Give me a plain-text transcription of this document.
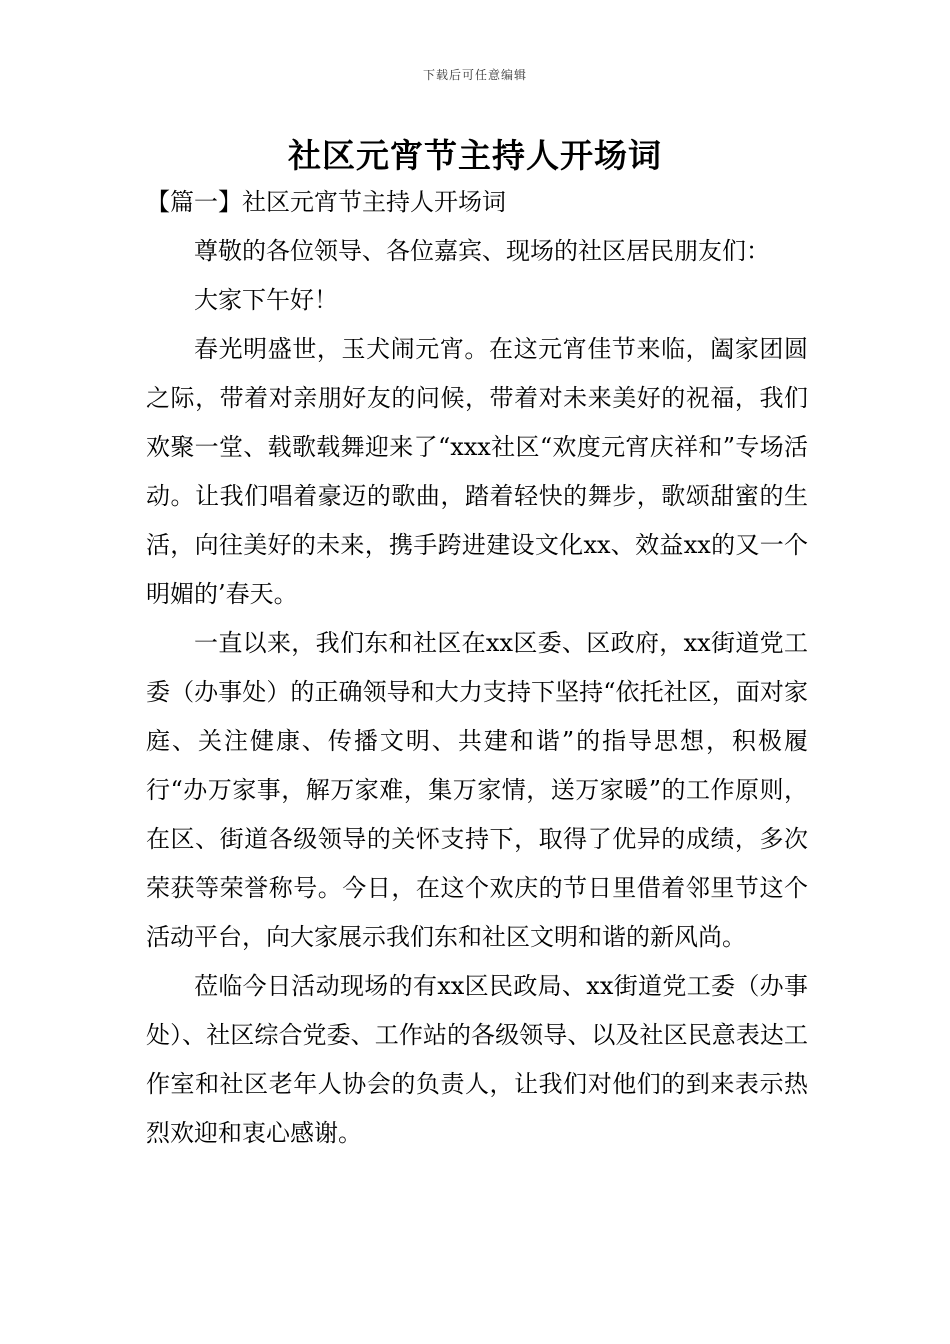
下载后可任意编辑
社区元宵节主持人开场词

【篇一】社区元宵节主持人开场词

尊敬的各位领导、各位嘉宾、现场的社区居民朋友们：

大家下午好！

春光明盛世，玉犬闹元宵。在这元宵佳节来临，阖家团圆之际，带着对亲朋好友的问候，带着对未来美好的祝福，我们欢聚一堂、载歌载舞迎来了“xxx社区“欢度元宵庆祥和”专场活动。让我们唱着豪迈的歌曲，踏着轻快的舞步，歌颂甜蜜的生活，向往美好的未来，携手跨进建设文化xx、效益xx的又一个明媚的’春天。

一直以来，我们东和社区在xx区委、区政府，xx街道党工委（办事处）的正确领导和大力支持下坚持“依托社区，面对家庭、关注健康、传播文明、共建和谐”的指导思想，积极履行“办万家事，解万家难，集万家情，送万家暖”的工作原则，在区、街道各级领导的关怀支持下，取得了优异的成绩，多次荣获等荣誉称号。今日，在这个欢庆的节日里借着邻里节这个活动平台，向大家展示我们东和社区文明和谐的新风尚。

莅临今日活动现场的有xx区民政局、xx街道党工委（办事处）、社区综合党委、工作站的各级领导、以及社区民意表达工作室和社区老年人协会的负责人，让我们对他们的到来表示热烈欢迎和衷心感谢。
